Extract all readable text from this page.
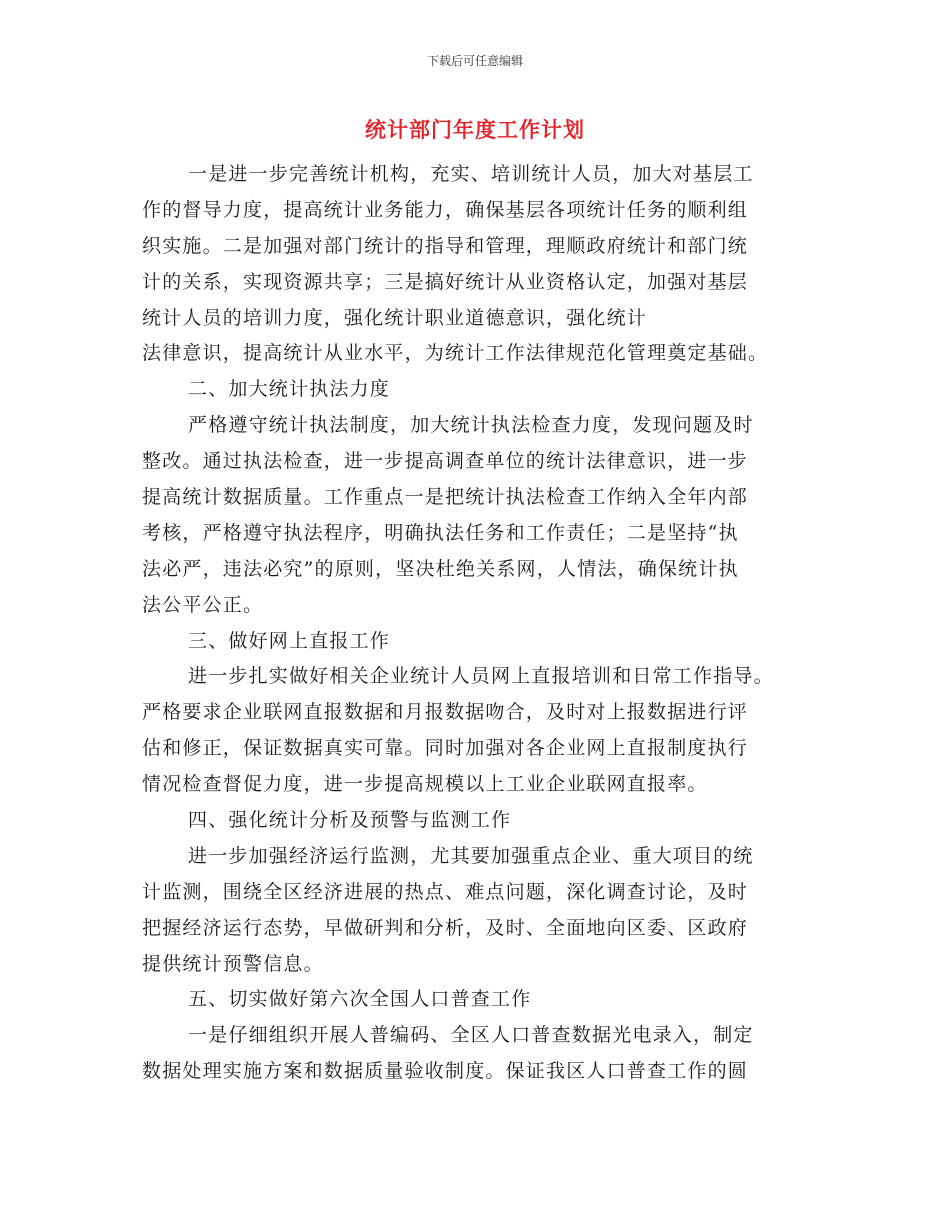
下载后可任意编辑
统计部门年度工作计划
一是进一步完善统计机构，充实、培训统计人员，加大对基层工
作的督导力度，提高统计业务能力，确保基层各项统计任务的顺利组
织实施。二是加强对部门统计的指导和管理，理顺政府统计和部门统
计的关系，实现资源共享；三是搞好统计从业资格认定，加强对基层
统计人员的培训力度，强化统计职业道德意识，强化统计
法律意识，提高统计从业水平，为统计工作法律规范化管理奠定基础。
二、加大统计执法力度
严格遵守统计执法制度，加大统计执法检查力度，发现问题及时
整改。通过执法检查，进一步提高调查单位的统计法律意识，进一步
提高统计数据质量。工作重点一是把统计执法检查工作纳入全年内部
考核，严格遵守执法程序，明确执法任务和工作责任；二是坚持“执
法必严，违法必究”的原则，坚决杜绝关系网，人情法，确保统计执
法公平公正。
三、做好网上直报工作
进一步扎实做好相关企业统计人员网上直报培训和日常工作指导。
严格要求企业联网直报数据和月报数据吻合，及时对上报数据进行评
估和修正，保证数据真实可靠。同时加强对各企业网上直报制度执行
情况检查督促力度，进一步提高规模以上工业企业联网直报率。
四、强化统计分析及预警与监测工作
进一步加强经济运行监测，尤其要加强重点企业、重大项目的统
计监测，围绕全区经济进展的热点、难点问题，深化调查讨论，及时
把握经济运行态势，早做研判和分析，及时、全面地向区委、区政府
提供统计预警信息。
五、切实做好第六次全国人口普查工作
一是仔细组织开展人普编码、全区人口普查数据光电录入，制定
数据处理实施方案和数据质量验收制度。保证我区人口普查工作的圆
